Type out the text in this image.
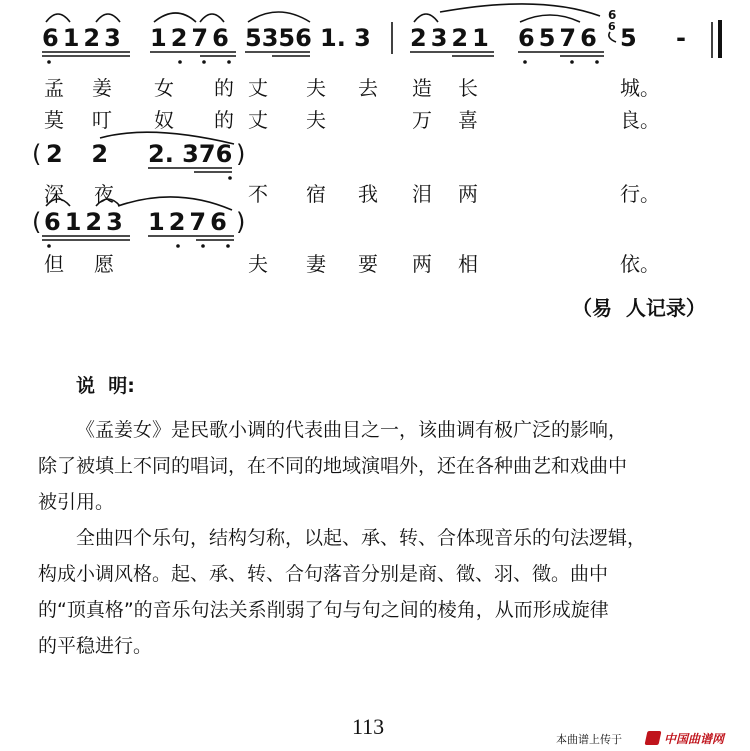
6123 1276 5356 1. 3 2321 6576
6
6 5 -
孟 姜 女 的 丈 夫 去 造 长	城。
莫 叮 奴 的 丈 夫	万 喜	良。
( 2  2 2. 376 )
深 夜	不 宿 我 泪 两	行。
( 6123 1276 )
但 愿	夫 妻 要 两 相	依。
（易  人记录）
说  明:
《孟姜女》是民歌小调的代表曲目之一，该曲调有极广泛的影响，
除了被填上不同的唱词，在不同的地域演唱外，还在各种曲艺和戏曲中
被引用。
全曲四个乐句，结构匀称，以起、承、转、合体现音乐的句法逻辑，
构成小调风格。起、承、转、合句落音分别是商、徵、羽、徵。曲中
的“顶真格”的音乐句法关系削弱了句与句之间的棱角，从而形成旋律
的平稳进行。
113
本曲谱上传于	中国曲谱网
